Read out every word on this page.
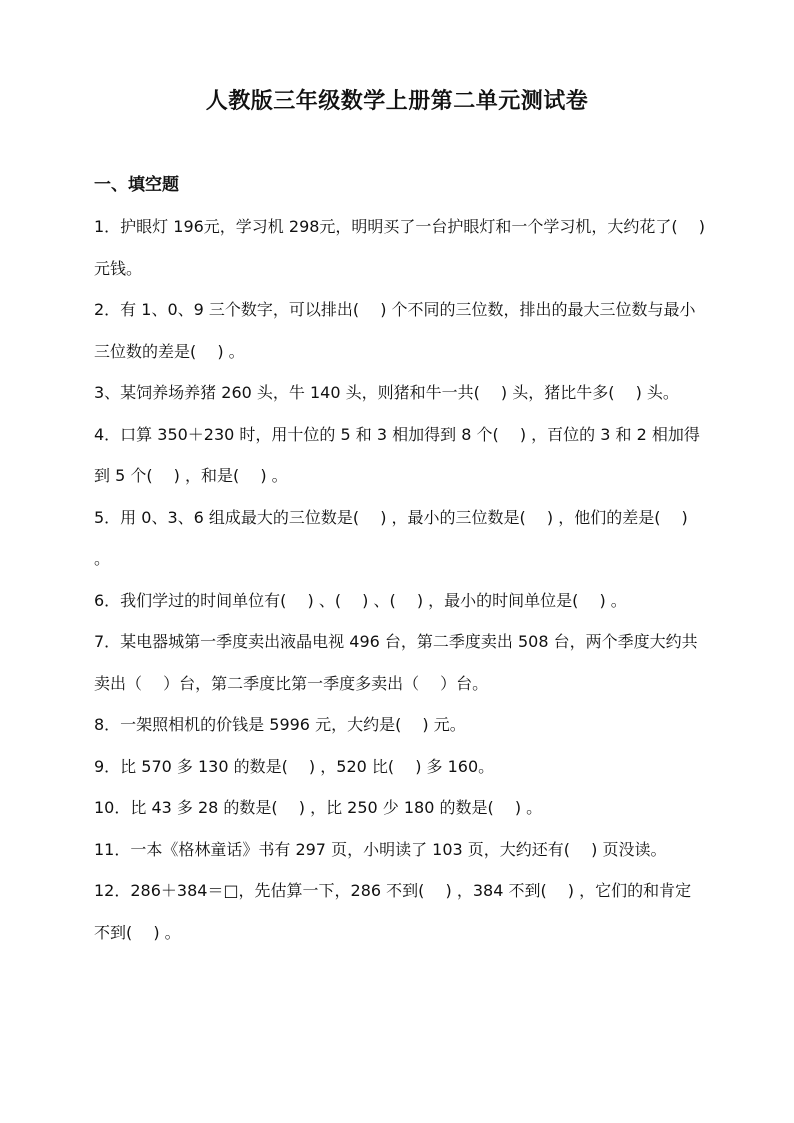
人教版三年级数学上册第二单元测试卷
一、填空题
1．护眼灯 196元，学习机 298元，明明买了一台护眼灯和一个学习机，大约花了(　 ) 元钱。
2．有 1、0、9 三个数字，可以排出(　 ) 个不同的三位数，排出的最大三位数与最小三位数的差是(　 ) 。
3、某饲养场养猪 260 头，牛 140 头，则猪和牛一共(　 ) 头，猪比牛多(　 ) 头。
4．口算 350＋230 时，用十位的 5 和 3 相加得到 8 个(　 ) ，百位的 3 和 2 相加得到 5 个(　 ) ，和是(　 ) 。
5．用 0、3、6 组成最大的三位数是(　 ) ，最小的三位数是(　 ) ，他们的差是(　 ) 。
6．我们学过的时间单位有(　 ) 、(　 ) 、(　 ) ，最小的时间单位是(　 ) 。
7．某电器城第一季度卖出液晶电视 496 台，第二季度卖出 508 台，两个季度大约共卖出（　 ）台，第二季度比第一季度多卖出（　 ）台。
8．一架照相机的价钱是 5996 元，大约是(　 ) 元。
9．比 570 多 130 的数是(　 ) ，520 比(　 ) 多 160。
10．比 43 多 28 的数是(　 ) ，比 250 少 180 的数是(　 ) 。
11．一本《格林童话》书有 297 页，小明读了 103 页，大约还有(　 ) 页没读。
12．286＋384＝□，先估算一下，286 不到(　 ) ，384 不到(　 ) ，它们的和肯定不到(　 ) 。
